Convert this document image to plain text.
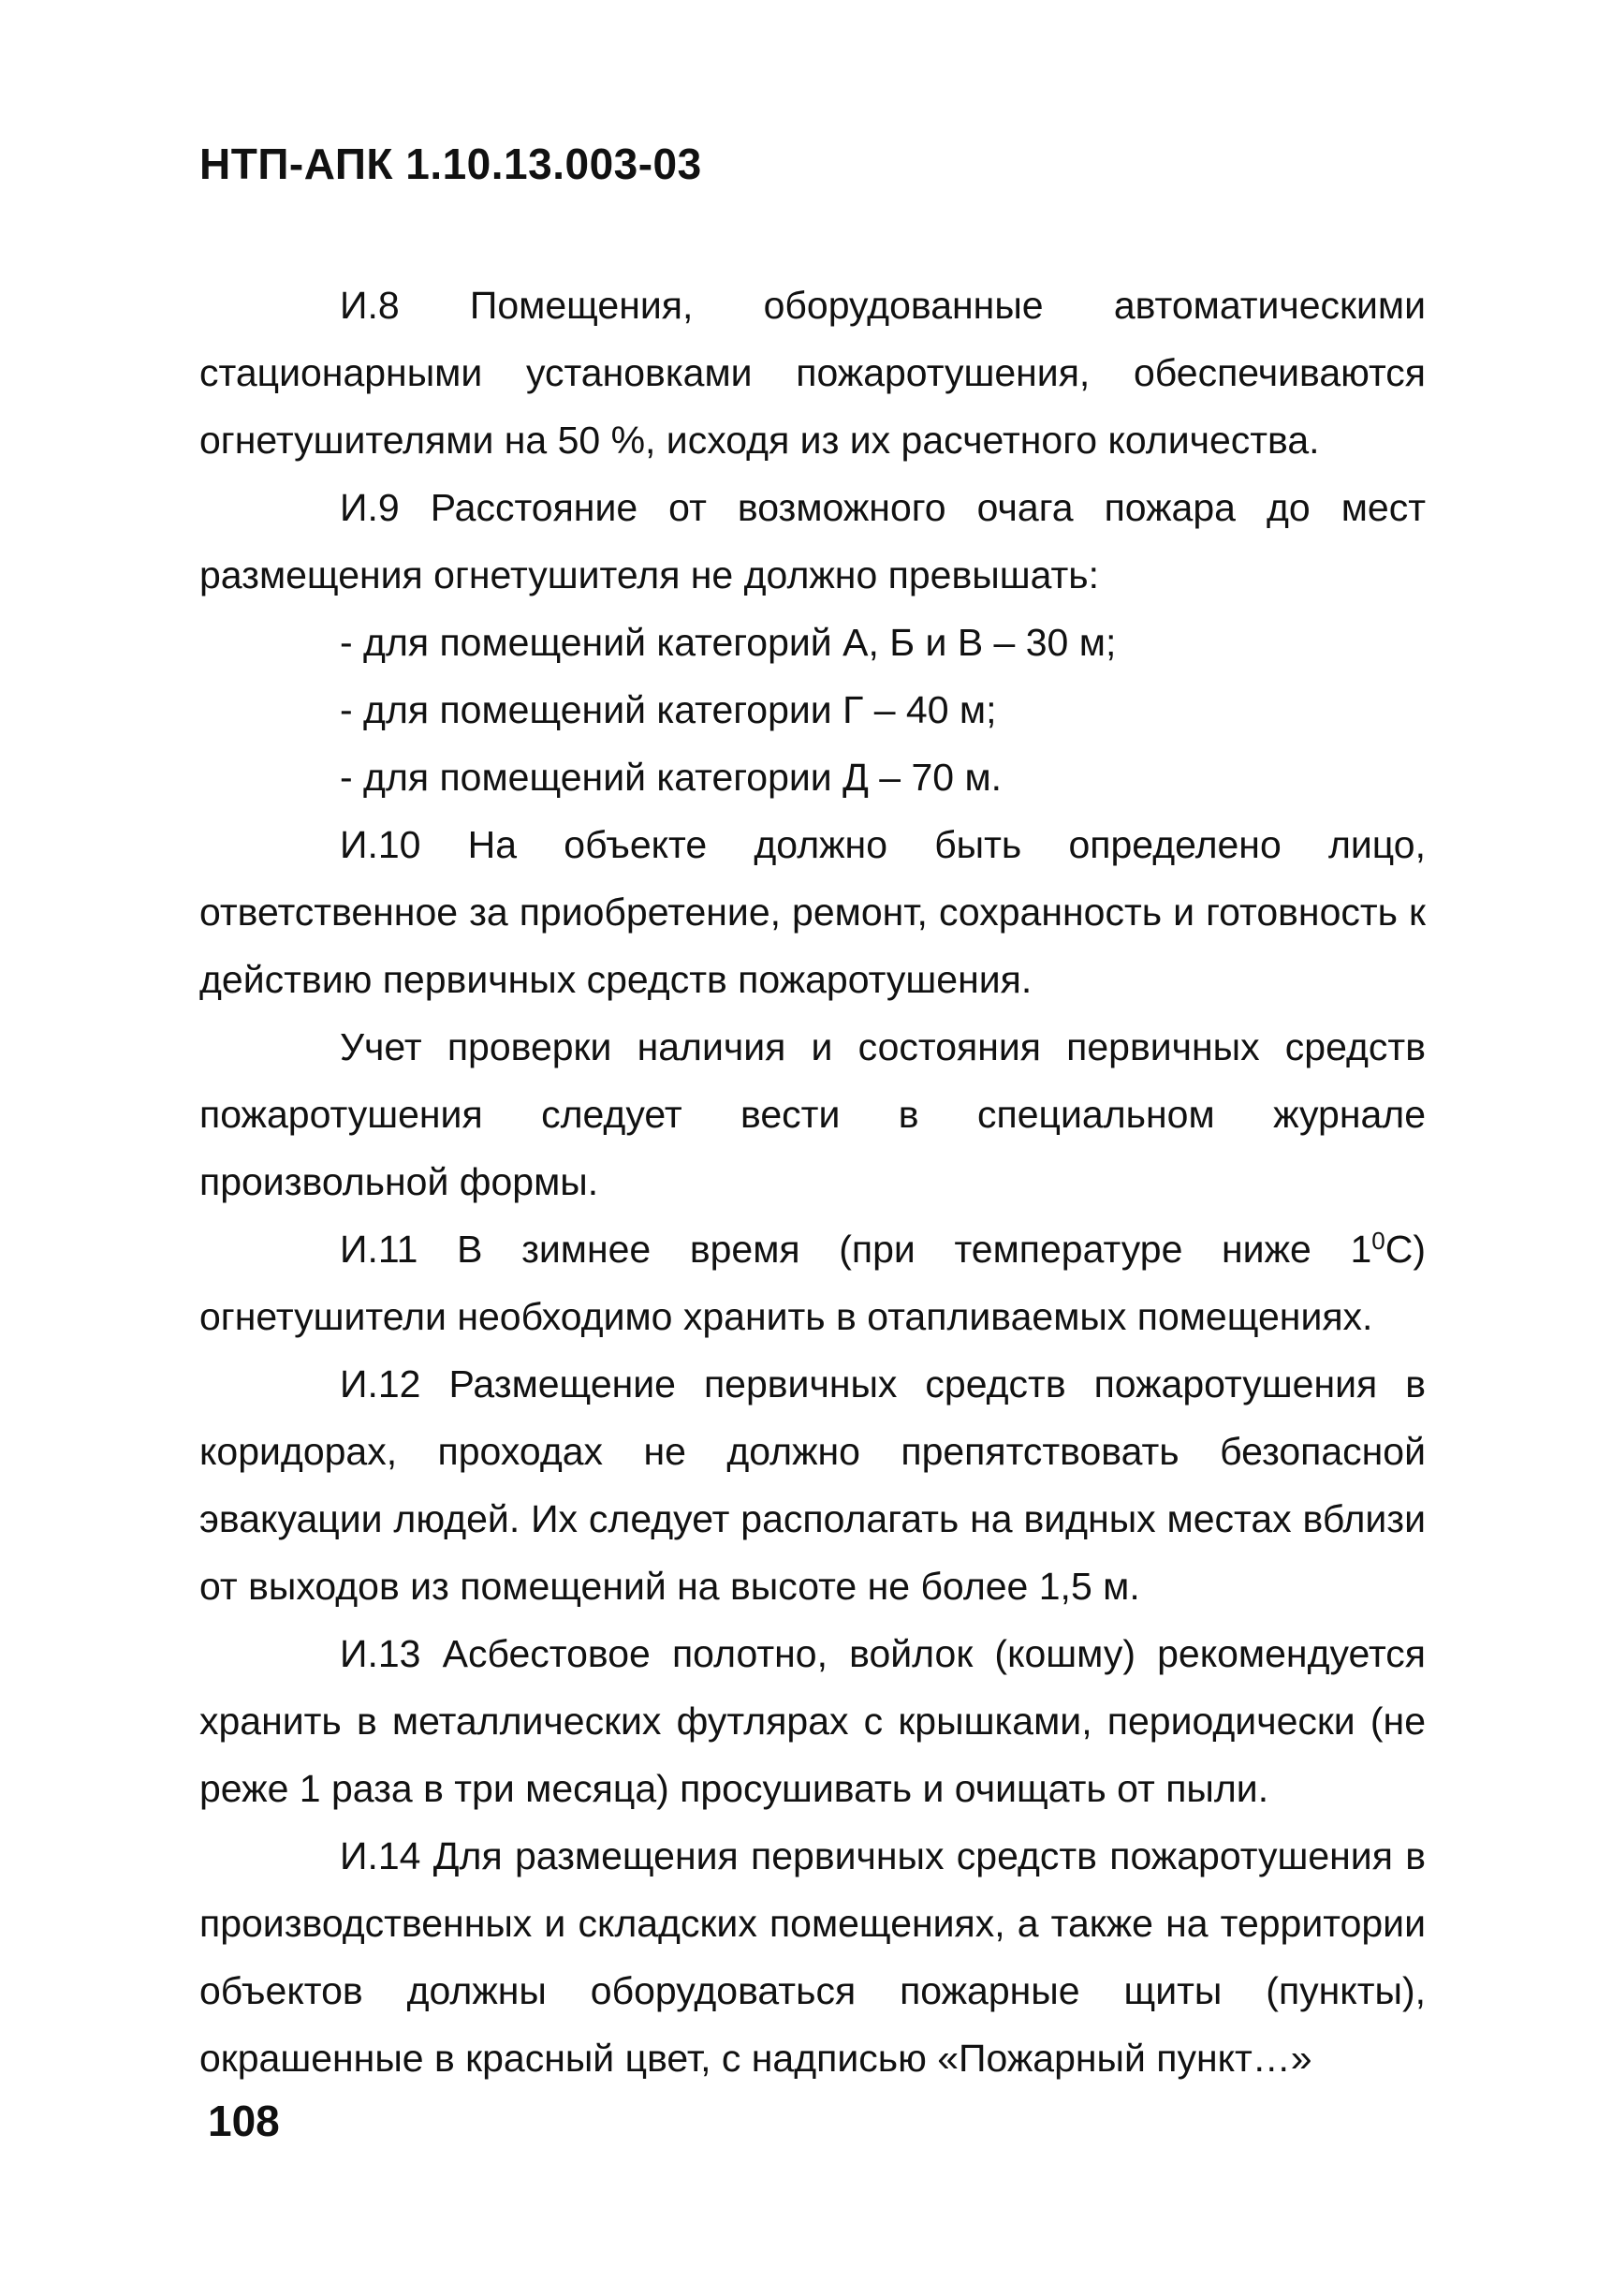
НТП-АПК 1.10.13.003-03

И.8 Помещения, оборудованные автоматическими стационарными установками пожаротушения, обеспечиваются огнетушителями на 50 %, исходя из их расчетного количества.

И.9 Расстояние от возможного очага пожара до мест размещения огнетушителя не должно превышать:

- для помещений категорий А, Б и В – 30 м;

- для помещений категории Г – 40 м;

- для помещений категории Д – 70 м.

И.10 На объекте должно быть определено лицо, ответственное за приобретение, ремонт, сохранность и готовность к действию первичных средств пожаротушения.

Учет проверки наличия и состояния первичных средств пожаротушения следует вести в специальном журнале произвольной формы.

И.11 В зимнее время (при температуре ниже $1^0С$) огнетушители необходимо хранить в отапливаемых помещениях.

И.12 Размещение первичных средств пожаротушения в коридорах, проходах не должно препятствовать безопасной эвакуации людей. Их следует располагать на видных местах вблизи от выходов из помещений на высоте не более 1,5 м.

И.13 Асбестовое полотно, войлок (кошму) рекомендуется хранить в металлических футлярах с крышками, периодически (не реже 1 раза в три месяца) просушивать и очищать от пыли.

И.14 Для размещения первичных средств пожаротушения в производственных и складских помещениях, а также на территории объектов должны оборудоваться пожарные щиты (пункты), окрашенные в красный цвет, с надписью «Пожарный пункт…»

108
